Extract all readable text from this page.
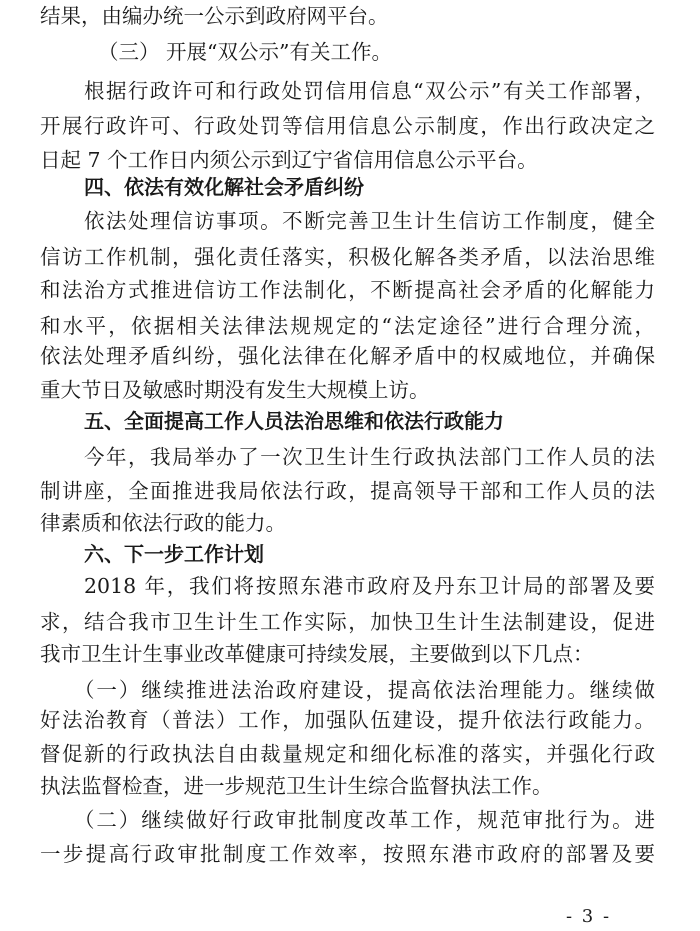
结果，由编办统一公示到政府网平台。
（三） 开展“双公示”有关工作。
根据行政许可和行政处罚信用信息“双公示”有关工作部署，
开展行政许可、行政处罚等信用信息公示制度，作出行政决定之
日起 7 个工作日内须公示到辽宁省信用信息公示平台。
四、依法有效化解社会矛盾纠纷
依法处理信访事项。不断完善卫生计生信访工作制度，健全
信访工作机制，强化责任落实，积极化解各类矛盾，以法治思维
和法治方式推进信访工作法制化，不断提高社会矛盾的化解能力
和水平，依据相关法律法规规定的“法定途径”进行合理分流，
依法处理矛盾纠纷，强化法律在化解矛盾中的权威地位，并确保
重大节日及敏感时期没有发生大规模上访。
五、全面提高工作人员法治思维和依法行政能力
今年，我局举办了一次卫生计生行政执法部门工作人员的法
制讲座，全面推进我局依法行政，提高领导干部和工作人员的法
律素质和依法行政的能力。
六、下一步工作计划
2018 年，我们将按照东港市政府及丹东卫计局的部署及要
求，结合我市卫生计生工作实际，加快卫生计生法制建设，促进
我市卫生计生事业改革健康可持续发展，主要做到以下几点：
（一）继续推进法治政府建设，提高依法治理能力。继续做
好法治教育（普法）工作，加强队伍建设，提升依法行政能力。
督促新的行政执法自由裁量规定和细化标准的落实，并强化行政
执法监督检查，进一步规范卫生计生综合监督执法工作。
（二）继续做好行政审批制度改革工作，规范审批行为。进
一步提高行政审批制度工作效率，按照东港市政府的部署及要
- 3 -
